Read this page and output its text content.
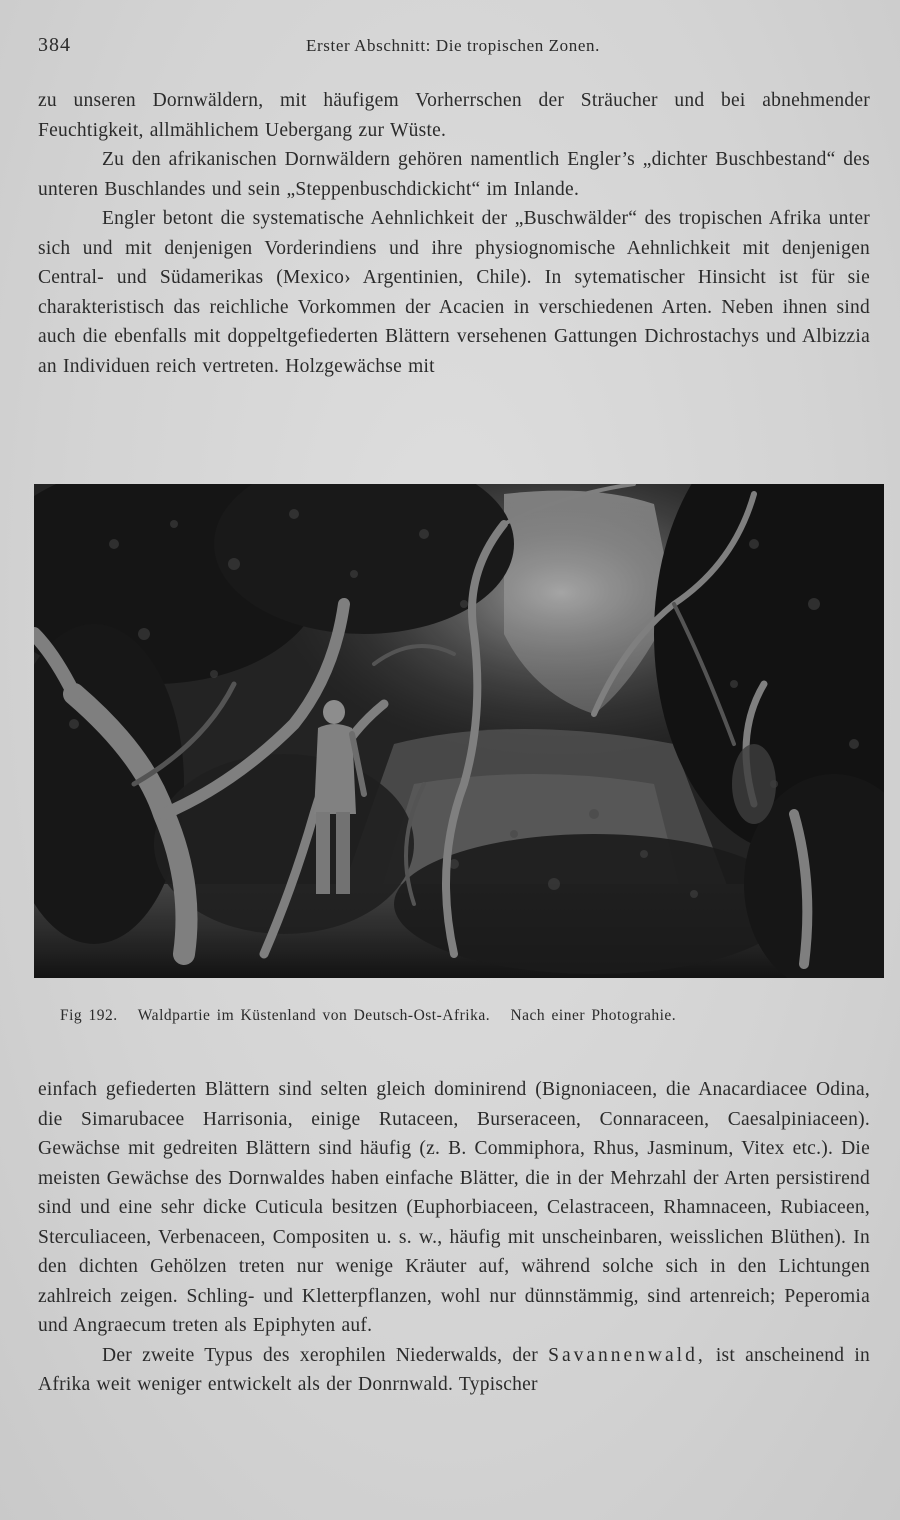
384	Erster Abschnitt: Die tropischen Zonen.

zu unseren Dornwäldern, mit häufigem Vorherrschen der Sträucher und bei abnehmender Feuchtigkeit, allmählichem Uebergang zur Wüste.

Zu den afrikanischen Dornwäldern gehören namentlich Engler’s „dichter Buschbestand“ des unteren Buschlandes und sein „Steppenbuschdickicht“ im Inlande.

Engler betont die systematische Aehnlichkeit der „Buschwälder“ des tropischen Afrika unter sich und mit denjenigen Vorderindiens und ihre physiognomische Aehnlichkeit mit denjenigen Central- und Südamerikas (Mexico› Argentinien, Chile). In sytematischer Hinsicht ist für sie charakteristisch das reichliche Vorkommen der Acacien in verschiedenen Arten. Neben ihnen sind auch die ebenfalls mit doppeltgefiederten Blättern versehenen Gattungen Dichrostachys und Albizzia an Individuen reich vertreten. Holzgewächse mit

Fig 192. Waldpartie im Küstenland von Deutsch-Ost-Afrika. Nach einer Photograhie.

einfach gefiederten Blättern sind selten gleich dominirend (Bignoniaceen, die Anacardiacee Odina, die Simarubacee Harrisonia, einige Rutaceen, Burseraceen, Connaraceen, Caesalpiniaceen). Gewächse mit gedreiten Blättern sind häufig (z. B. Commiphora, Rhus, Jasminum, Vitex etc.). Die meisten Gewächse des Dornwaldes haben einfache Blätter, die in der Mehrzahl der Arten persistirend sind und eine sehr dicke Cuticula besitzen (Euphorbiaceen, Celastraceen, Rhamnaceen, Rubiaceen, Sterculiaceen, Verbenaceen, Compositen u. s. w., häufig mit unscheinbaren, weisslichen Blüthen). In den dichten Gehölzen treten nur wenige Kräuter auf, während solche sich in den Lichtungen zahlreich zeigen. Schling- und Kletterpflanzen, wohl nur dünnstämmig, sind artenreich; Peperomia und Angraecum treten als Epiphyten auf.

Der zweite Typus des xerophilen Niederwalds, der Savannenwald, ist anscheinend in Afrika weit weniger entwickelt als der Donrnwald. Typischer
